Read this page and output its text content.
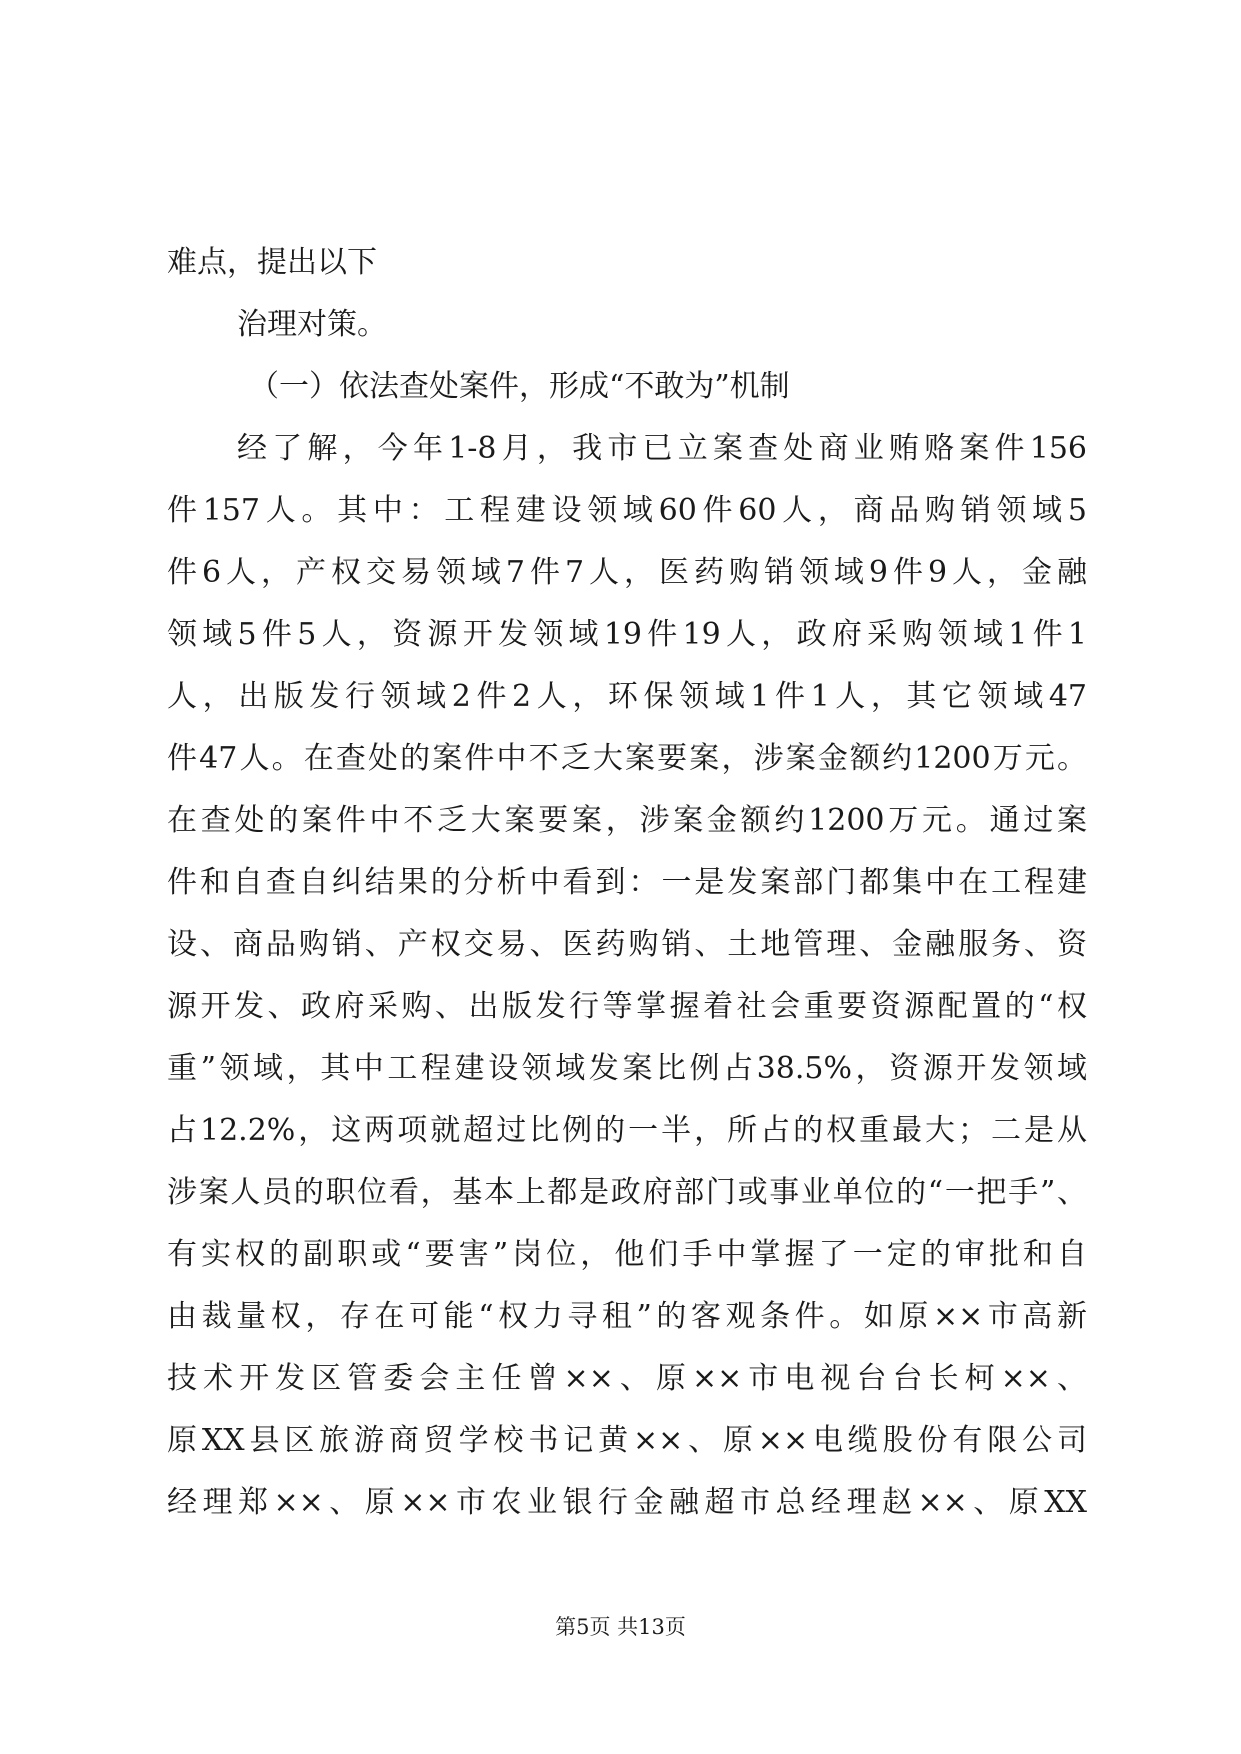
难点，提出以下
治理对策。
（一）依法查处案件，形成“不敢为”机制
经了解，今年1-8月，我市已立案查处商业贿赂案件156
件157人。其中：工程建设领域60件60人，商品购销领域5
件6人，产权交易领域7件7人，医药购销领域9件9人，金融
领域5件5人，资源开发领域19件19人，政府采购领域1件1
人，出版发行领域2件2人，环保领域1件1人，其它领域47
件47人。在查处的案件中不乏大案要案，涉案金额约1200万元。
在查处的案件中不乏大案要案，涉案金额约1200万元。通过案
件和自查自纠结果的分析中看到：一是发案部门都集中在工程建
设、商品购销、产权交易、医药购销、土地管理、金融服务、资
源开发、政府采购、出版发行等掌握着社会重要资源配置的“权
重”领域，其中工程建设领域发案比例占38.5%，资源开发领域
占12.2%，这两项就超过比例的一半，所占的权重最大；二是从
涉案人员的职位看，基本上都是政府部门或事业单位的“一把手”、
有实权的副职或“要害”岗位，他们手中掌握了一定的审批和自
由裁量权，存在可能“权力寻租”的客观条件。如原××市高新
技术开发区管委会主任曾××、原××市电视台台长柯××、
原XX县区旅游商贸学校书记黄××、原××电缆股份有限公司
经理郑××、原××市农业银行金融超市总经理赵××、原XX
第5页 共13页
